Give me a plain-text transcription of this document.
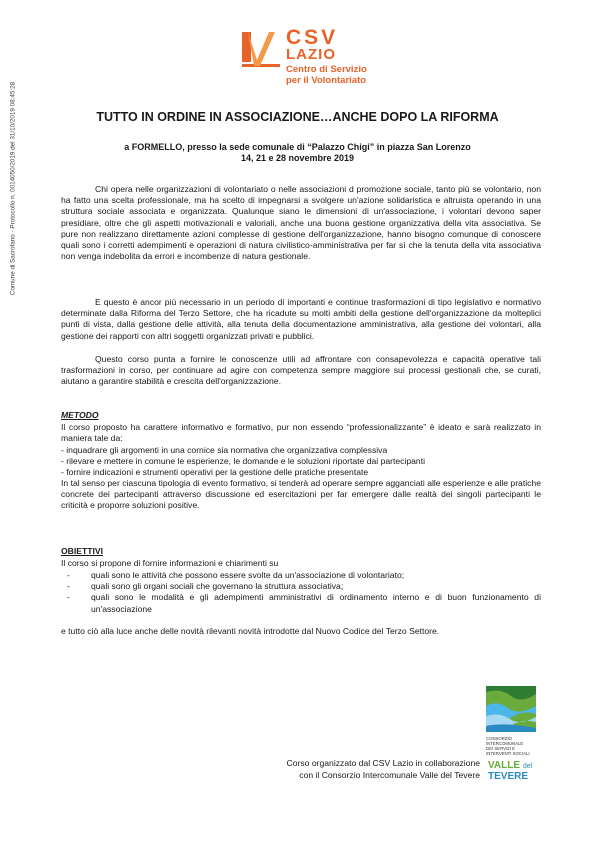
Comune di Sacrofano - Protocollo n. 0014050/2019 del 31/10/2019 08:45:28
CSV
LAZIO
Centro di Servizio
per il Volontariato
TUTTO IN ORDINE IN ASSOCIAZIONE…ANCHE DOPO LA RIFORMA
a FORMELLO, presso la sede comunale di “Palazzo Chigi” in piazza San Lorenzo
14, 21 e 28 novembre 2019
Chi opera nelle organizzazioni di volontariato o nelle associazioni d promozione sociale, tanto più se volontario, non ha fatto una scelta professionale, ma ha scelto di impegnarsi a svolgere un'azione solidaristica e altruista operando in una struttura sociale associata e organizzata. Qualunque siano le dimensioni di un'associazione, i volontari devono saper presidiare, oltre che gli aspetti motivazionali e valoriali, anche una buona gestione organizzativa della vita associativa. Se pure non realizzano direttamente azioni complesse di gestione dell'organizzazione, hanno bisogno comunque di conoscere quali sono i corretti adempimenti e operazioni di natura civilistico-amministrativa per far sì che la tenuta della vita associativa non venga indebolita da errori e incombenze di natura gestionale.
E questo è ancor più necessario in un periodo di importanti e continue trasformazioni di tipo legislativo e normativo determinate dalla Riforma del Terzo Settore, che ha ricadute su molti ambiti della gestione dell'organizzazione da molteplici punti di vista, dalla gestione delle attività, alla tenuta della documentazione amministrativa, alla gestione dei volontari, alla gestione dei rapporti con altri soggetti organizzati privati e pubblici.
Questo corso punta a fornire le conoscenze utili ad affrontare con consapevolezza e capacità operative tali trasformazioni in corso, per continuare ad agire con competenza sempre maggiore sui processi gestionali che, se curati, aiutano a garantire stabilità e crescita dell'organizzazione.
METODO
Il corso proposto ha carattere informativo e formativo, pur non essendo “professionalizzante” è ideato e sarà realizzato in maniera tale da:
- inquadrare gli argomenti in una cornice sia normativa che organizzativa complessiva
- rilevare e mettere in comune le esperienze, le domande e le soluzioni riportate dai partecipanti
- fornire indicazioni e strumenti operativi per la gestione delle pratiche presentate
In tal senso per ciascuna tipologia di evento formativo, si tenderà ad operare sempre agganciati alle esperienze e alle pratiche concrete dei partecipanti attraverso discussione ed esercitazioni per far emergere dalle realtà dei singoli partecipanti le criticità e proporre soluzioni positive.
OBIETTIVI
Il corso si propone di fornire informazioni e chiarimenti su
- quali sono le attività che possono essere svolte da un'associazione di volontariato;
- quali sono gli organi sociali che governano la struttura associativa;
- quali sono le modalità e gli adempimenti amministrativi di ordinamento interno e di buon funzionamento di un'associazione
e tutto ciò alla luce anche delle novità rilevanti novità introdotte dal Nuovo Codice del Terzo Settore.
CONSORZIO
INTERCOMUNALE
DEI SERVIZI E
INTERVENTI SOCIALI
VALLE del
TEVERE
Corso organizzato dal CSV Lazio in collaborazione
con il Consorzio Intercomunale Valle del Tevere
